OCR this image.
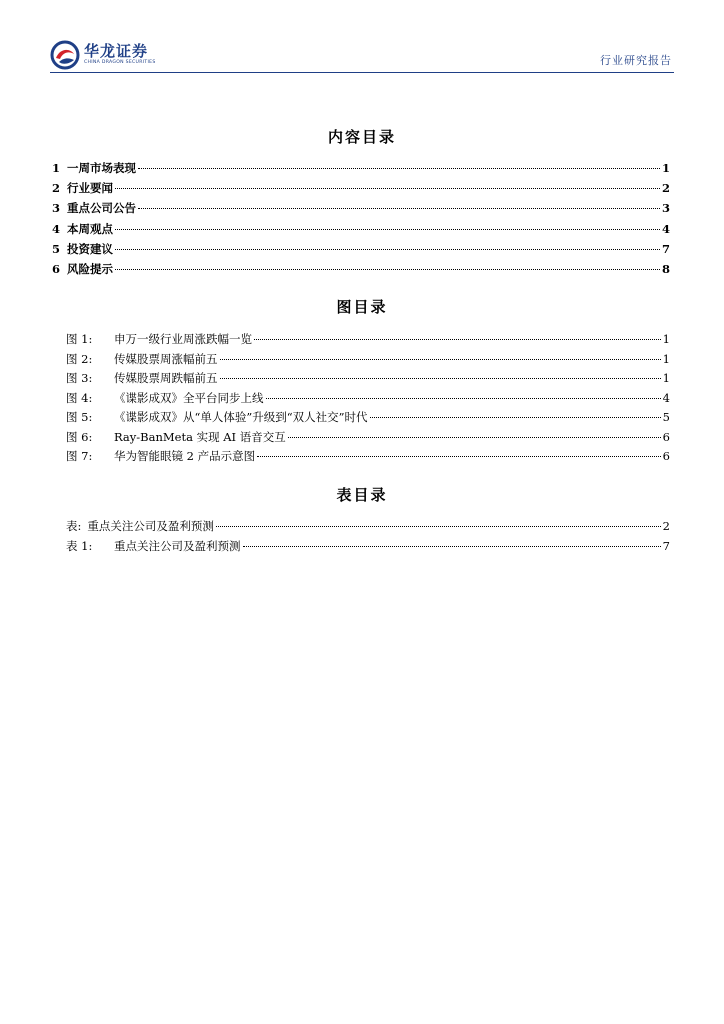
华龙证券
CHINA DRAGON SECURITIES	行业研究报告
内容目录
1 一周市场表现	1
2 行业要闻	2
3 重点公司公告	3
4 本周观点	4
5 投资建议	7
6 风险提示	8
图目录
图 1:	申万一级行业周涨跌幅一览	1
图 2:	传媒股票周涨幅前五	1
图 3:	传媒股票周跌幅前五	1
图 4:	《谍影成双》全平台同步上线	4
图 5:	《谍影成双》从“单人体验”升级到“双人社交”时代	5
图 6:	Ray-BanMeta 实现 AI 语音交互	6
图 7:	华为智能眼镜 2 产品示意图	6
表目录
表: 重点关注公司及盈利预测	2
表 1:	重点关注公司及盈利预测	7
